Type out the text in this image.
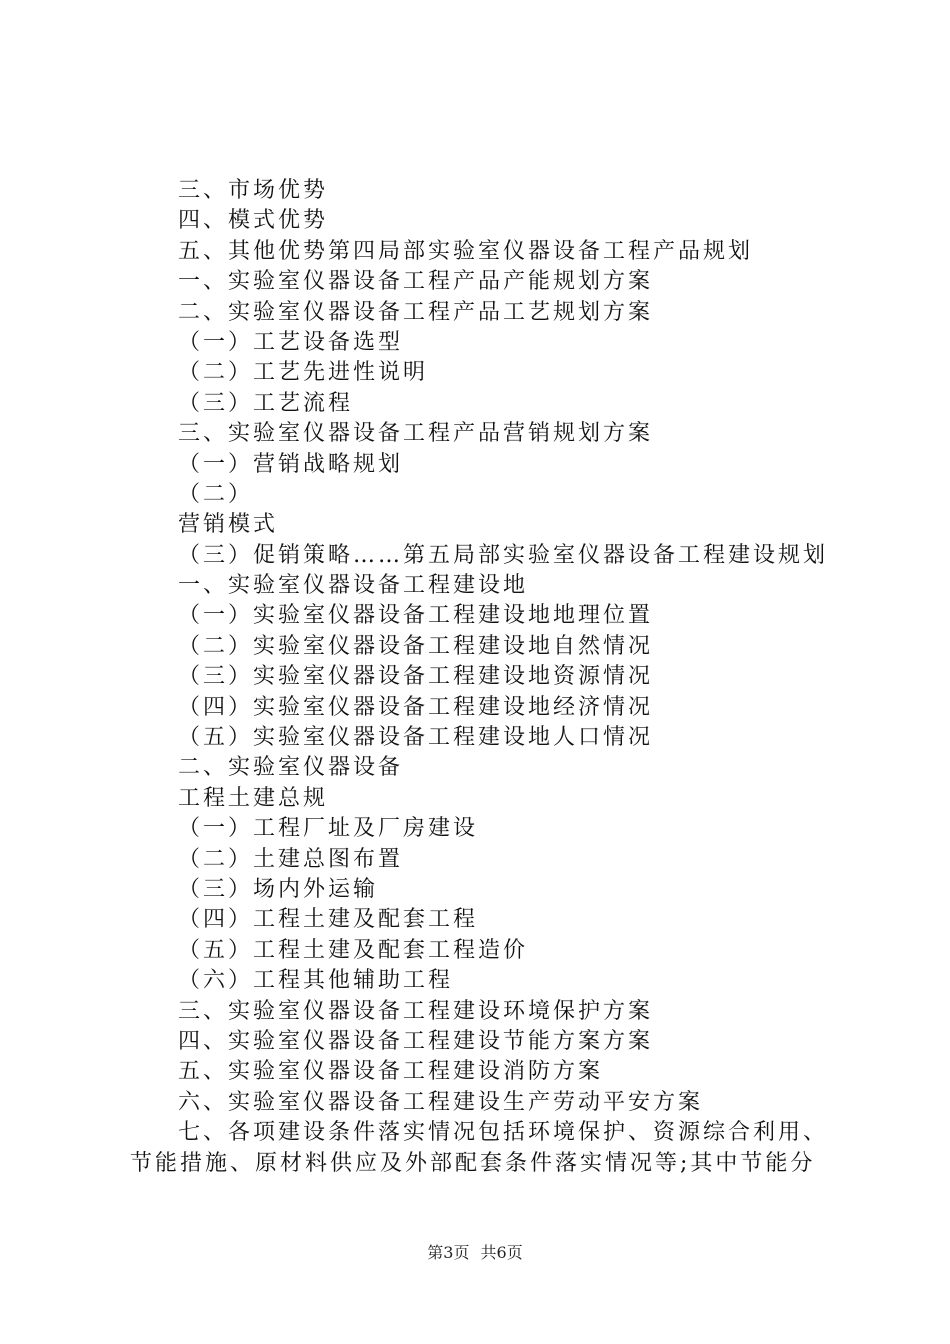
三、市场优势
四、模式优势
五、其他优势第四局部实验室仪器设备工程产品规划
一、实验室仪器设备工程产品产能规划方案
二、实验室仪器设备工程产品工艺规划方案
（一）工艺设备选型
（二）工艺先进性说明
（三）工艺流程
三、实验室仪器设备工程产品营销规划方案
（一）营销战略规划
（二）
营销模式
（三）促销策略……第五局部实验室仪器设备工程建设规划
一、实验室仪器设备工程建设地
（一）实验室仪器设备工程建设地地理位置
（二）实验室仪器设备工程建设地自然情况
（三）实验室仪器设备工程建设地资源情况
（四）实验室仪器设备工程建设地经济情况
（五）实验室仪器设备工程建设地人口情况
二、实验室仪器设备
工程土建总规
（一）工程厂址及厂房建设
（二）土建总图布置
（三）场内外运输
（四）工程土建及配套工程
（五）工程土建及配套工程造价
（六）工程其他辅助工程
三、实验室仪器设备工程建设环境保护方案
四、实验室仪器设备工程建设节能方案方案
五、实验室仪器设备工程建设消防方案
六、实验室仪器设备工程建设生产劳动平安方案
七、各项建设条件落实情况包括环境保护、资源综合利用、
节能措施、原材料供应及外部配套条件落实情况等;其中节能分
第3页 共6页
